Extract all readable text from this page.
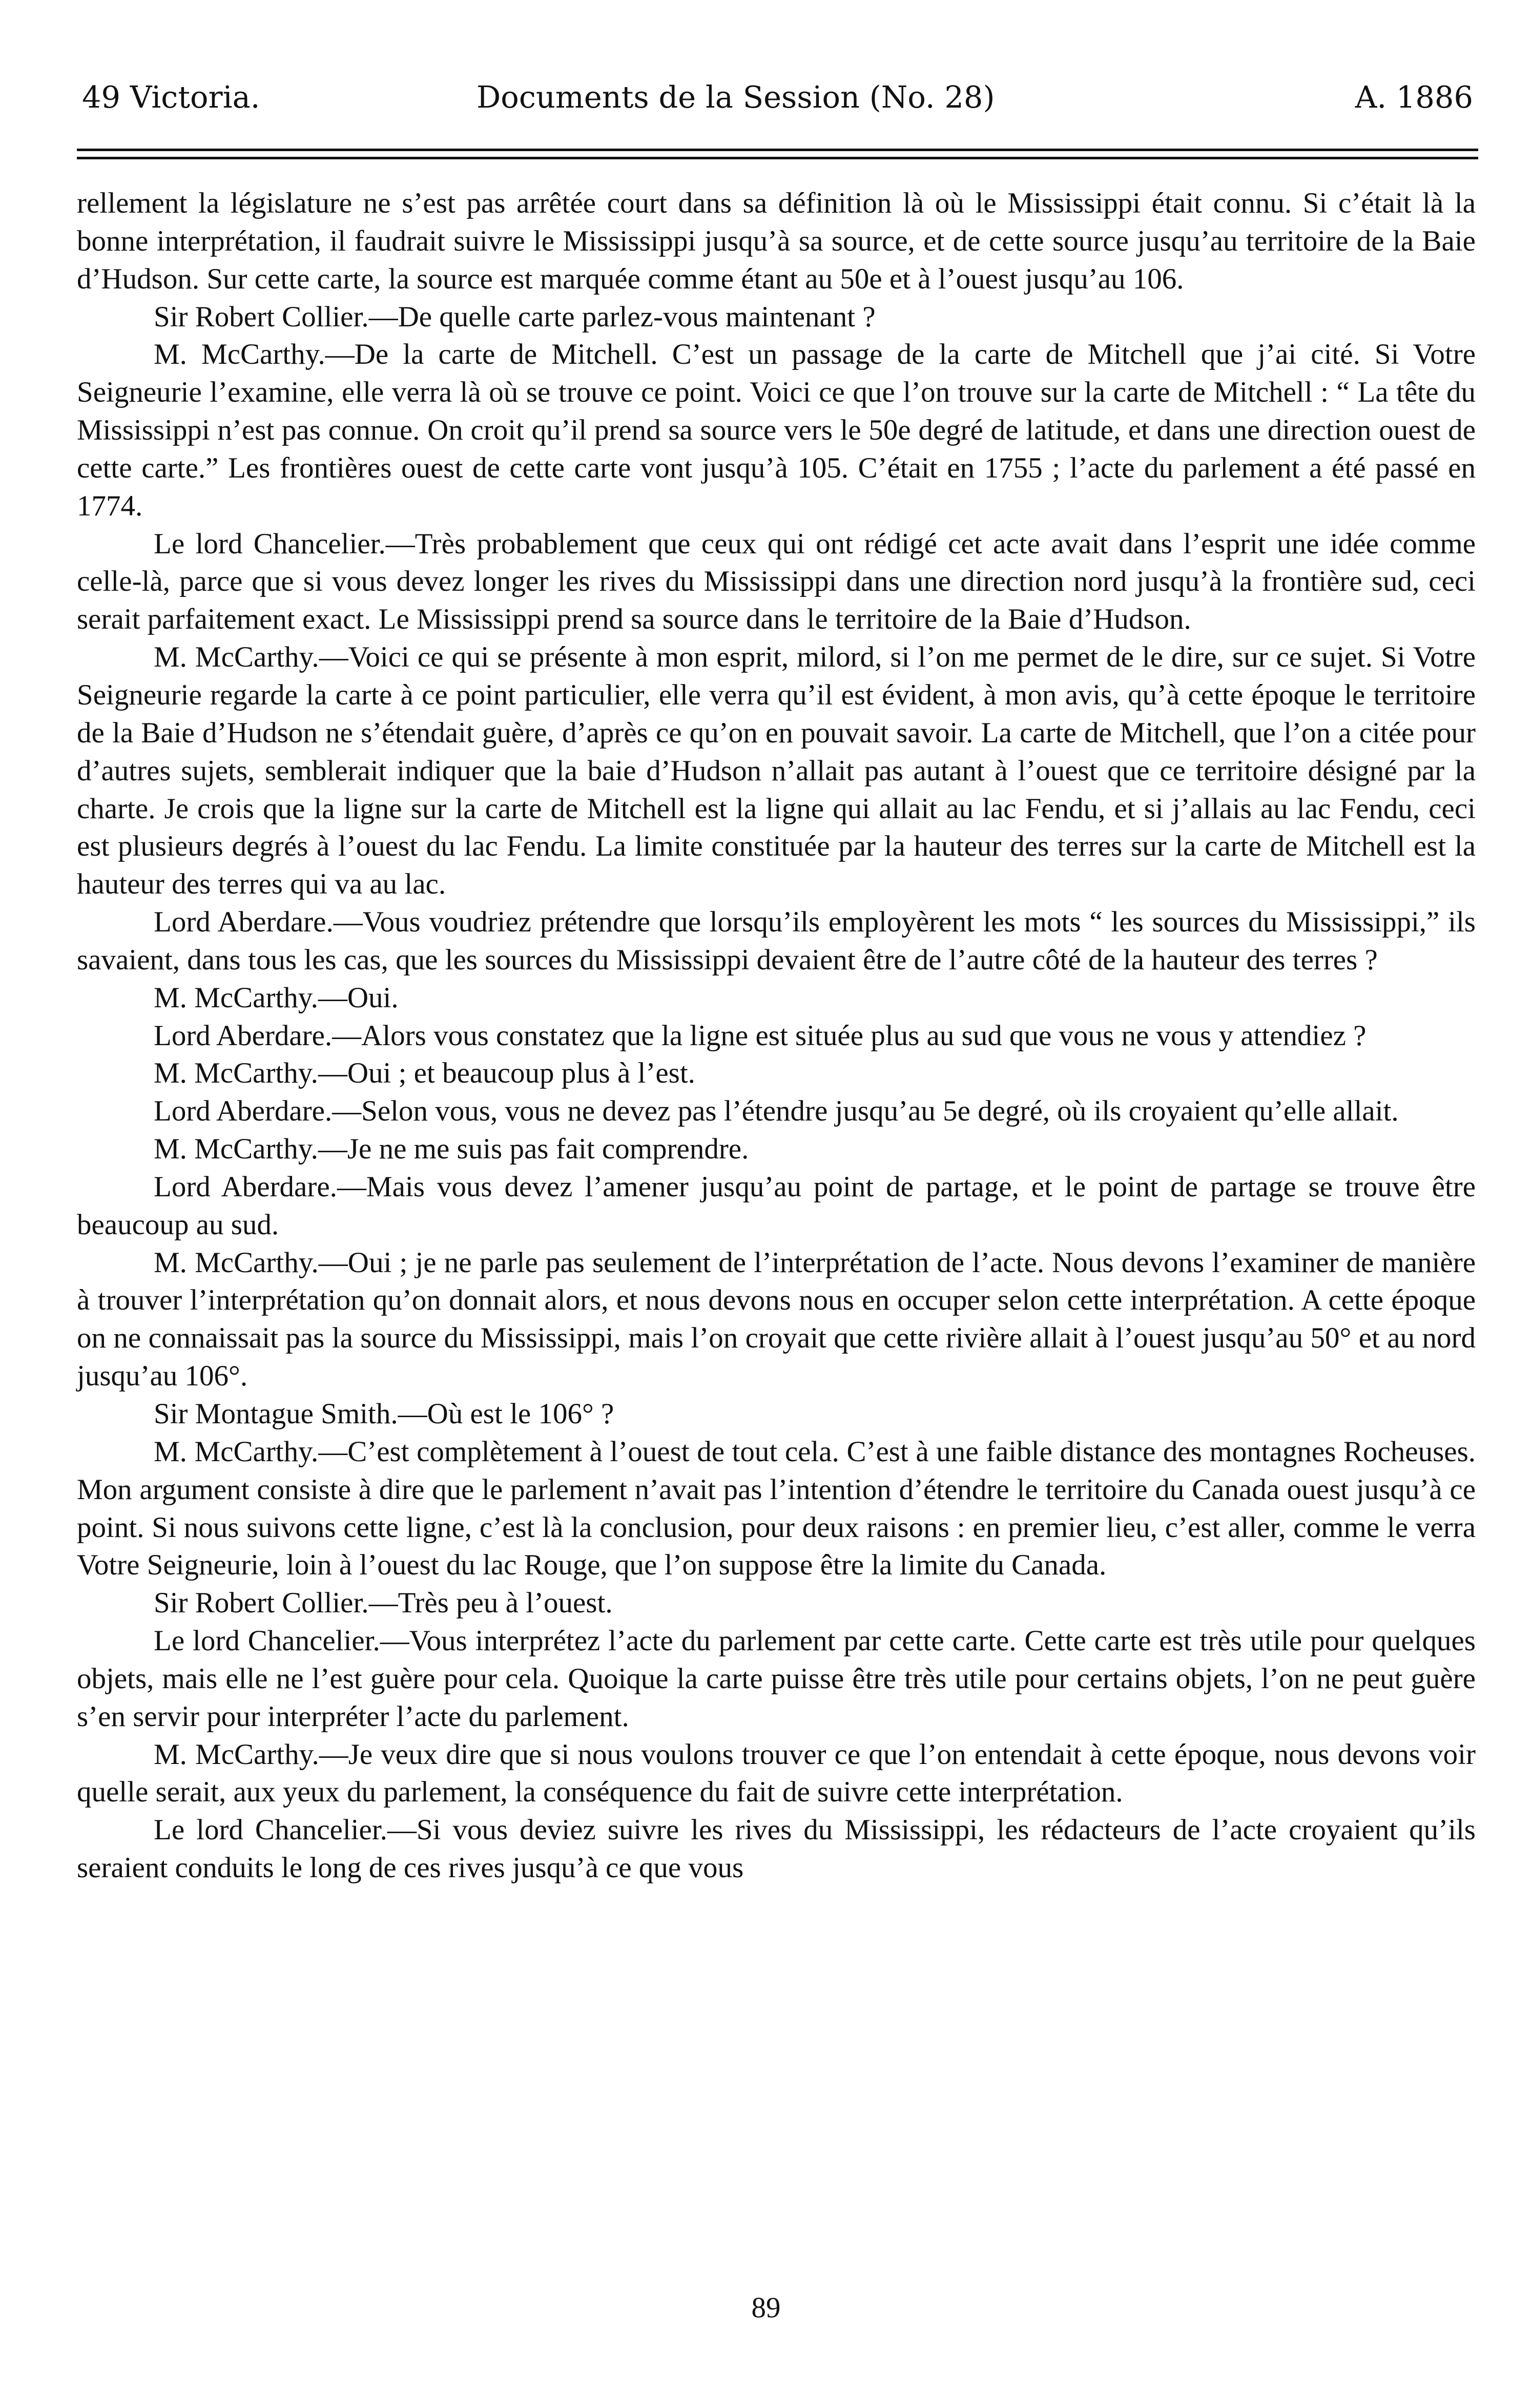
49 Victoria.	Documents de la Session (No. 28)	A. 1886

rellement la législature ne s’est pas arrêtée court dans sa définition là où le Mississippi était connu. Si c’était là la bonne interprétation, il faudrait suivre le Mississippi jusqu’à sa source, et de cette source jusqu’au territoire de la Baie d’Hudson. Sur cette carte, la source est marquée comme étant au 50e et à l’ouest jusqu’au 106.

Sir Robert Collier.—De quelle carte parlez-vous maintenant ?

M. McCarthy.—De la carte de Mitchell. C’est un passage de la carte de Mitchell que j’ai cité. Si Votre Seigneurie l’examine, elle verra là où se trouve ce point. Voici ce que l’on trouve sur la carte de Mitchell : “ La tête du Mississippi n’est pas connue. On croit qu’il prend sa source vers le 50e degré de latitude, et dans une direction ouest de cette carte.” Les frontières ouest de cette carte vont jusqu’à 105. C’était en 1755 ; l’acte du parlement a été passé en 1774.

Le lord Chancelier.—Très probablement que ceux qui ont rédigé cet acte avait dans l’esprit une idée comme celle-là, parce que si vous devez longer les rives du Mississippi dans une direction nord jusqu’à la frontière sud, ceci serait parfaitement exact. Le Mississippi prend sa source dans le territoire de la Baie d’Hudson.

M. McCarthy.—Voici ce qui se présente à mon esprit, milord, si l’on me permet de le dire, sur ce sujet. Si Votre Seigneurie regarde la carte à ce point particulier, elle verra qu’il est évident, à mon avis, qu’à cette époque le territoire de la Baie d’Hudson ne s’étendait guère, d’après ce qu’on en pouvait savoir. La carte de Mitchell, que l’on a citée pour d’autres sujets, semblerait indiquer que la baie d’Hudson n’allait pas autant à l’ouest que ce territoire désigné par la charte. Je crois que la ligne sur la carte de Mitchell est la ligne qui allait au lac Fendu, et si j’allais au lac Fendu, ceci est plusieurs degrés à l’ouest du lac Fendu. La limite constituée par la hauteur des terres sur la carte de Mitchell est la hauteur des terres qui va au lac.

Lord Aberdare.—Vous voudriez prétendre que lorsqu’ils employèrent les mots “ les sources du Mississippi,” ils savaient, dans tous les cas, que les sources du Mississippi devaient être de l’autre côté de la hauteur des terres ?

M. McCarthy.—Oui.

Lord Aberdare.—Alors vous constatez que la ligne est située plus au sud que vous ne vous y attendiez ?

M. McCarthy.—Oui ; et beaucoup plus à l’est.

Lord Aberdare.—Selon vous, vous ne devez pas l’étendre jusqu’au 5e degré, où ils croyaient qu’elle allait.

M. McCarthy.—Je ne me suis pas fait comprendre.

Lord Aberdare.—Mais vous devez l’amener jusqu’au point de partage, et le point de partage se trouve être beaucoup au sud.

M. McCarthy.—Oui ; je ne parle pas seulement de l’interprétation de l’acte. Nous devons l’examiner de manière à trouver l’interprétation qu’on donnait alors, et nous devons nous en occuper selon cette interprétation. A cette époque on ne connaissait pas la source du Mississippi, mais l’on croyait que cette rivière allait à l’ouest jusqu’au 50° et au nord jusqu’au 106°.

Sir Montague Smith.—Où est le 106° ?

M. McCarthy.—C’est complètement à l’ouest de tout cela. C’est à une faible distance des montagnes Rocheuses. Mon argument consiste à dire que le parlement n’avait pas l’intention d’étendre le territoire du Canada ouest jusqu’à ce point. Si nous suivons cette ligne, c’est là la conclusion, pour deux raisons : en premier lieu, c’est aller, comme le verra Votre Seigneurie, loin à l’ouest du lac Rouge, que l’on suppose être la limite du Canada.

Sir Robert Collier.—Très peu à l’ouest.

Le lord Chancelier.—Vous interprétez l’acte du parlement par cette carte. Cette carte est très utile pour quelques objets, mais elle ne l’est guère pour cela. Quoique la carte puisse être très utile pour certains objets, l’on ne peut guère s’en servir pour interpréter l’acte du parlement.

M. McCarthy.—Je veux dire que si nous voulons trouver ce que l’on entendait à cette époque, nous devons voir quelle serait, aux yeux du parlement, la conséquence du fait de suivre cette interprétation.

Le lord Chancelier.—Si vous deviez suivre les rives du Mississippi, les rédacteurs de l’acte croyaient qu’ils seraient conduits le long de ces rives jusqu’à ce que vous

89
